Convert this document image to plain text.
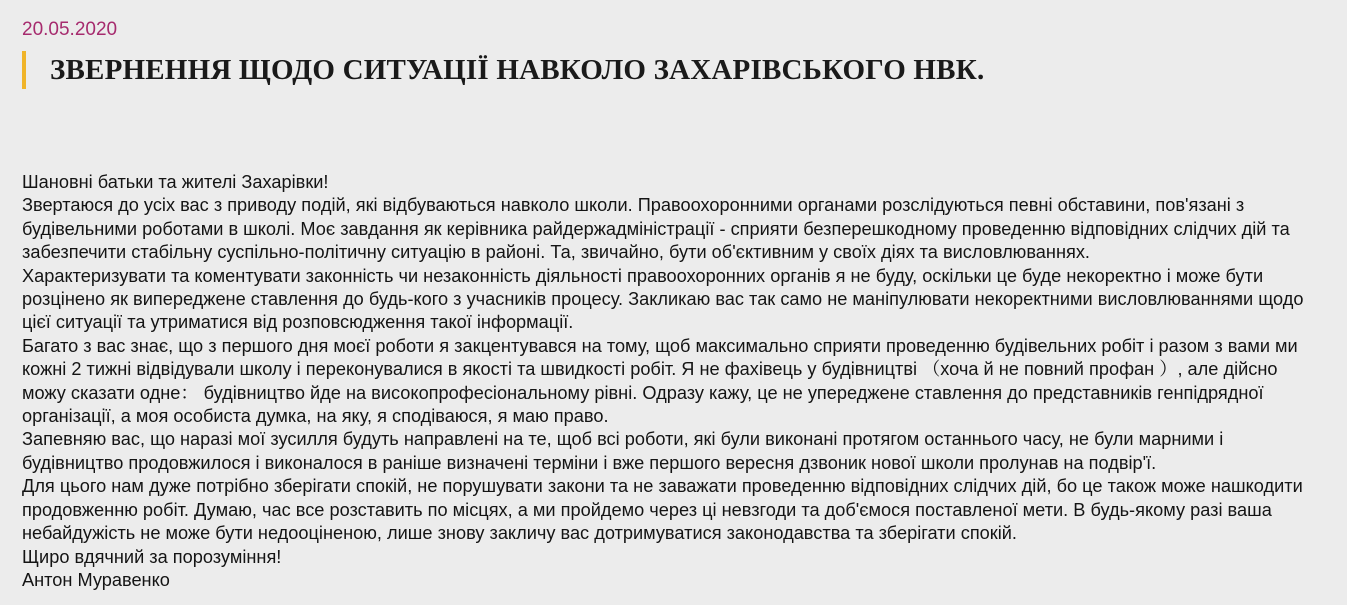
20.05.2020
ЗВЕРНЕННЯ ЩОДО СИТУАЦІЇ НАВКОЛО ЗАХАРІВСЬКОГО НВК.

Шановні батьки та жителі Захарівки!

Звертаюся до усіх вас з приводу подій, які відбуваються навколо школи. Правоохоронними органами розслідуються певні обставини, пов'язані з будівельними роботами в школі. Моє завдання як керівника райдержадміністрації - сприяти безперешкодному проведенню відповідних слідчих дій та забезпечити стабільну суспільно-політичну ситуацію в районі. Та, звичайно, бути об'єктивним у своїх діях та висловлюваннях.

Характеризувати та коментувати законність чи незаконність діяльності правоохоронних органів я не буду, оскільки це буде некоректно і може бути розцінено як випереджене ставлення до будь-кого з учасників процесу. Закликаю вас так само не маніпулювати некоректними висловлюваннями щодо цієї ситуації та утриматися від розповсюдження такої інформації.

Багато з вас знає, що з першого дня моєї роботи я закцентувався на тому, щоб максимально сприяти проведенню будівельних робіт і разом з вами ми кожні 2 тижні відвідували школу і переконувалися в якості та швидкості робіт. Я не фахівець у будівництві （хоча й не повний профан ）, але дійсно можу сказати одне： будівництво йде на високопрофесіональному рівні. Одразу кажу, це не упереджене ставлення до представників генпідрядної організації, а моя особиста думка, на яку, я сподіваюся, я маю право.

Запевняю вас, що наразі мої зусилля будуть направлені на те, щоб всі роботи, які були виконані протягом останнього часу, не були марними і будівництво продовжилося і виконалося в раніше визначені терміни і вже першого вересня дзвоник нової школи пролунав на подвір'ї.

Для цього нам дуже потрібно зберігати спокій, не порушувати закони та не заважати проведенню відповідних слідчих дій, бо це також може нашкодити продовженню робіт. Думаю, час все розставить по місцях, а ми пройдемо через ці невзгоди та доб'ємося поставленої мети. В будь-якому разі ваша небайдужість не може бути недооціненою, лише знову закличу вас дотримуватися законодавства та зберігати спокій.

Щиро вдячний за порозуміння!

Антон Муравенко
